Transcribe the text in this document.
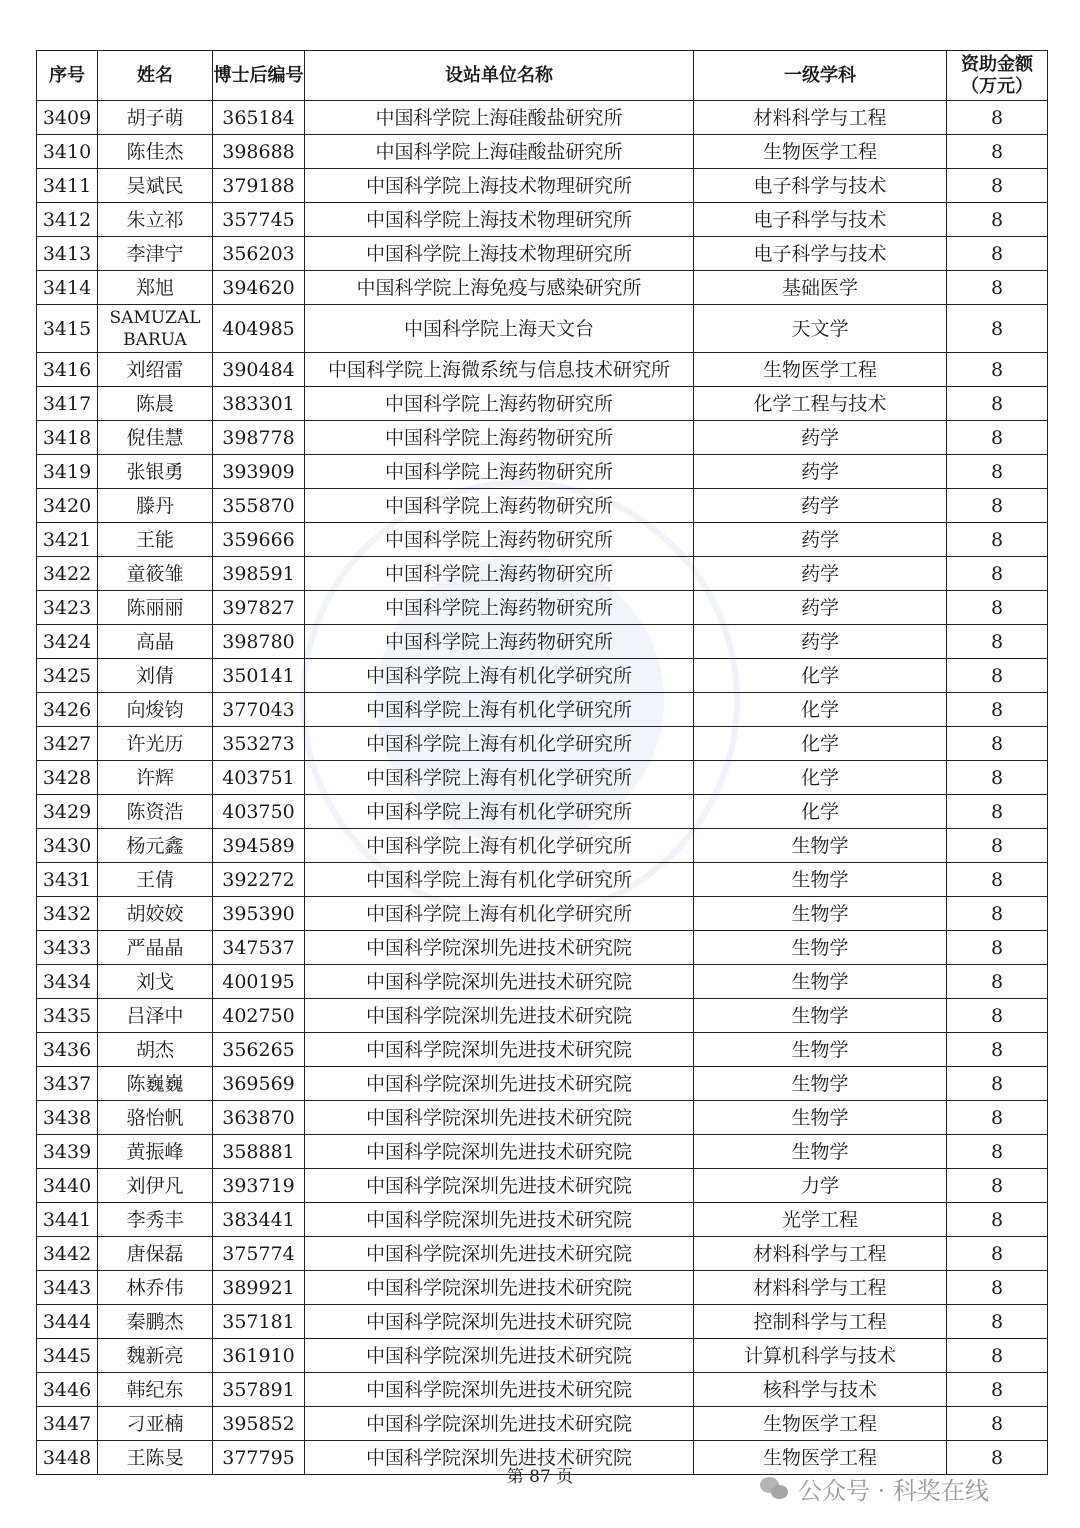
序号	姓名	博士后编号	设站单位名称	一级学科	资助金额（万元）
3409	胡子萌	365184	中国科学院上海硅酸盐研究所	材料科学与工程	8
3410	陈佳杰	398688	中国科学院上海硅酸盐研究所	生物医学工程	8
3411	吴斌民	379188	中国科学院上海技术物理研究所	电子科学与技术	8
3412	朱立祁	357745	中国科学院上海技术物理研究所	电子科学与技术	8
3413	李津宁	356203	中国科学院上海技术物理研究所	电子科学与技术	8
3414	郑旭	394620	中国科学院上海免疫与感染研究所	基础医学	8
3415	SAMUZAL BARUA	404985	中国科学院上海天文台	天文学	8
3416	刘绍雷	390484	中国科学院上海微系统与信息技术研究所	生物医学工程	8
3417	陈晨	383301	中国科学院上海药物研究所	化学工程与技术	8
3418	倪佳慧	398778	中国科学院上海药物研究所	药学	8
3419	张银勇	393909	中国科学院上海药物研究所	药学	8
3420	滕丹	355870	中国科学院上海药物研究所	药学	8
3421	王能	359666	中国科学院上海药物研究所	药学	8
3422	童筱雏	398591	中国科学院上海药物研究所	药学	8
3423	陈丽丽	397827	中国科学院上海药物研究所	药学	8
3424	高晶	398780	中国科学院上海药物研究所	药学	8
3425	刘倩	350141	中国科学院上海有机化学研究所	化学	8
3426	向焌钧	377043	中国科学院上海有机化学研究所	化学	8
3427	许光历	353273	中国科学院上海有机化学研究所	化学	8
3428	许辉	403751	中国科学院上海有机化学研究所	化学	8
3429	陈资浩	403750	中国科学院上海有机化学研究所	化学	8
3430	杨元鑫	394589	中国科学院上海有机化学研究所	生物学	8
3431	王倩	392272	中国科学院上海有机化学研究所	生物学	8
3432	胡姣姣	395390	中国科学院上海有机化学研究所	生物学	8
3433	严晶晶	347537	中国科学院深圳先进技术研究院	生物学	8
3434	刘戈	400195	中国科学院深圳先进技术研究院	生物学	8
3435	吕泽中	402750	中国科学院深圳先进技术研究院	生物学	8
3436	胡杰	356265	中国科学院深圳先进技术研究院	生物学	8
3437	陈巍巍	369569	中国科学院深圳先进技术研究院	生物学	8
3438	骆怡帆	363870	中国科学院深圳先进技术研究院	生物学	8
3439	黄振峰	358881	中国科学院深圳先进技术研究院	生物学	8
3440	刘伊凡	393719	中国科学院深圳先进技术研究院	力学	8
3441	李秀丰	383441	中国科学院深圳先进技术研究院	光学工程	8
3442	唐保磊	375774	中国科学院深圳先进技术研究院	材料科学与工程	8
3443	林乔伟	389921	中国科学院深圳先进技术研究院	材料科学与工程	8
3444	秦鹏杰	357181	中国科学院深圳先进技术研究院	控制科学与工程	8
3445	魏新亮	361910	中国科学院深圳先进技术研究院	计算机科学与技术	8
3446	韩纪东	357891	中国科学院深圳先进技术研究院	核科学与技术	8
3447	刁亚楠	395852	中国科学院深圳先进技术研究院	生物医学工程	8
3448	王陈旻	377795	中国科学院深圳先进技术研究院	生物医学工程	8
第 87 页	公众号 · 科奖在线
